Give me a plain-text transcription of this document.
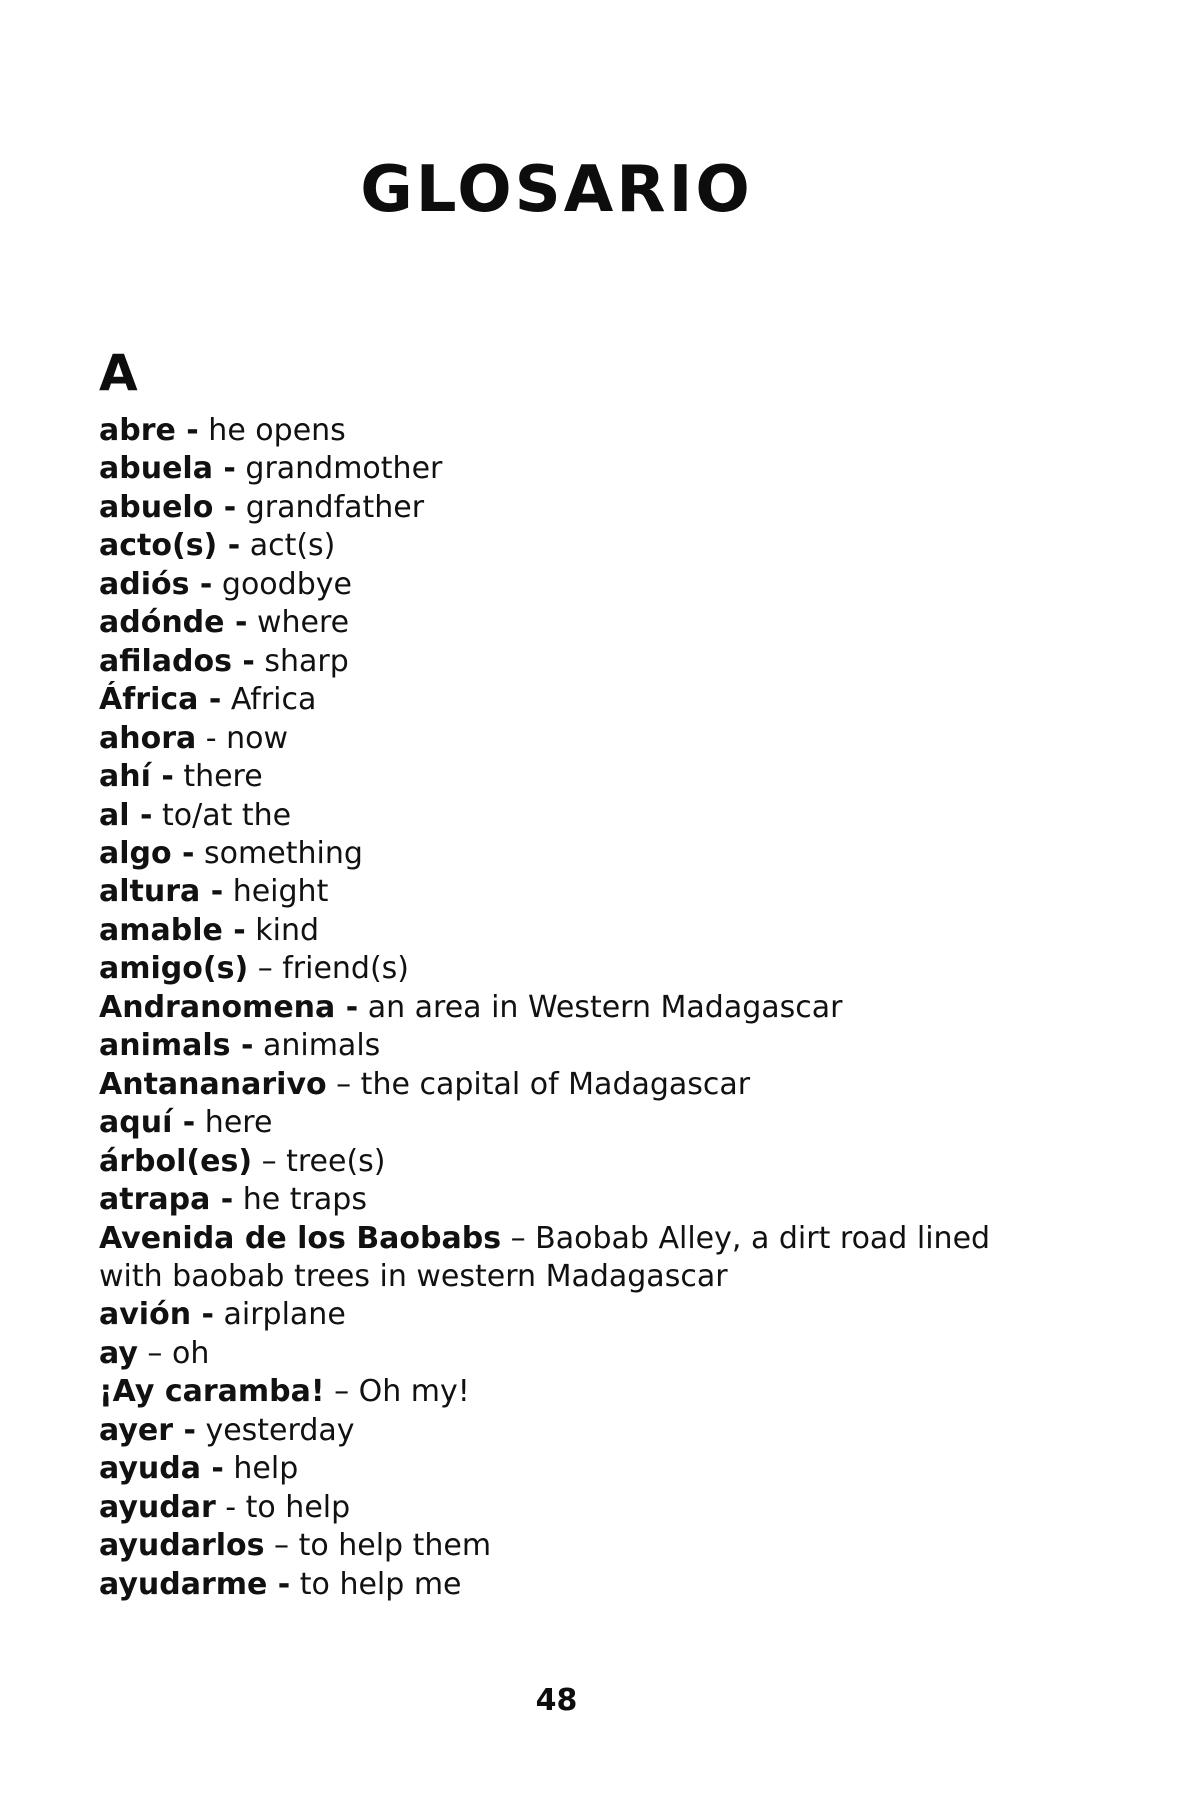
GLOSARIO
A
abre - he opens
abuela - grandmother
abuelo - grandfather
acto(s) - act(s)
adiós - goodbye
adónde - where
afilados - sharp
África - Africa
ahora - now
ahí - there
al - to/at the
algo - something
altura - height
amable - kind
amigo(s) – friend(s)
Andranomena - an area in Western Madagascar
animals - animals
Antananarivo – the capital of Madagascar
aquí - here
árbol(es) – tree(s)
atrapa - he traps
Avenida de los Baobabs – Baobab Alley, a dirt road lined with baobab trees in western Madagascar
avión - airplane
ay – oh
¡Ay caramba! – Oh my!
ayer - yesterday
ayuda - help
ayudar - to help
ayudarlos – to help them
ayudarme - to help me
48
